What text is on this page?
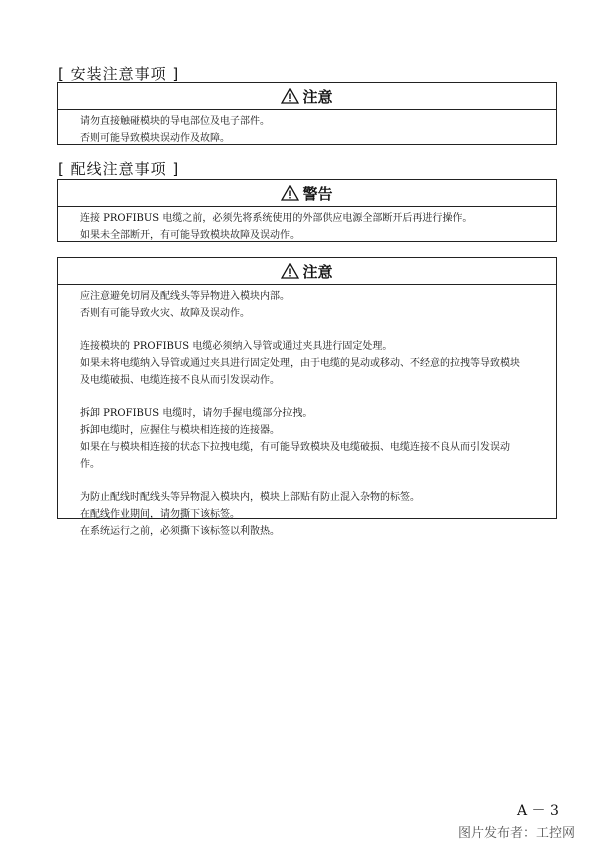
[ 安装注意事项 ]
注意

请勿直接触碰模块的导电部位及电子部件。

否则可能导致模块误动作及故障。

[ 配线注意事项 ]
警告

连接 PROFIBUS 电缆之前，必须先将系统使用的外部供应电源全部断开后再进行操作。

如果未全部断开，有可能导致模块故障及误动作。

注意

应注意避免切屑及配线头等异物进入模块内部。

否则有可能导致火灾、故障及误动作。

连接模块的 PROFIBUS 电缆必须纳入导管或通过夹具进行固定处理。

如果未将电缆纳入导管或通过夹具进行固定处理，由于电缆的晃动或移动、不经意的拉拽等导致模块

及电缆破损、电缆连接不良从而引发误动作。

拆卸 PROFIBUS 电缆时，请勿手握电缆部分拉拽。

拆卸电缆时，应握住与模块相连接的连接器。

如果在与模块相连接的状态下拉拽电缆，有可能导致模块及电缆破损、电缆连接不良从而引发误动

作。

为防止配线时配线头等异物混入模块内，模块上部贴有防止混入杂物的标签。

在配线作业期间，请勿撕下该标签。

在系统运行之前，必须撕下该标签以利散热。

A － 3
图片发布者：工控网
